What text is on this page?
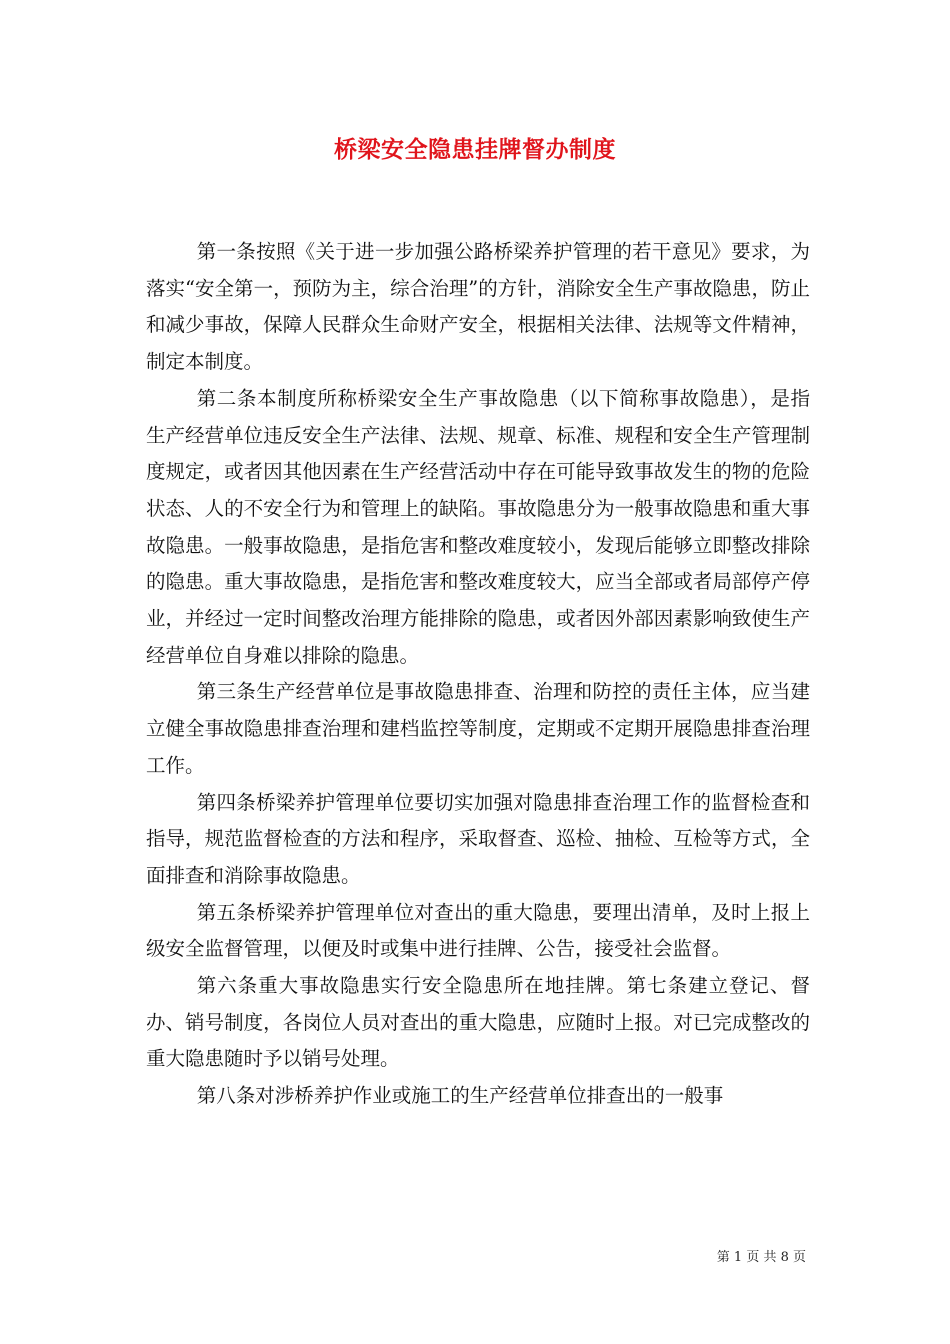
桥梁安全隐患挂牌督办制度

第一条按照《关于进一步加强公路桥梁养护管理的若干意见》要求，为落实“安全第一，预防为主，综合治理”的方针，消除安全生产事故隐患，防止和减少事故，保障人民群众生命财产安全，根据相关法律、法规等文件精神，制定本制度。

第二条本制度所称桥梁安全生产事故隐患（以下简称事故隐患），是指生产经营单位违反安全生产法律、法规、规章、标准、规程和安全生产管理制度规定，或者因其他因素在生产经营活动中存在可能导致事故发生的物的危险状态、人的不安全行为和管理上的缺陷。事故隐患分为一般事故隐患和重大事故隐患。一般事故隐患，是指危害和整改难度较小，发现后能够立即整改排除的隐患。重大事故隐患，是指危害和整改难度较大，应当全部或者局部停产停业，并经过一定时间整改治理方能排除的隐患，或者因外部因素影响致使生产经营单位自身难以排除的隐患。

第三条生产经营单位是事故隐患排查、治理和防控的责任主体，应当建立健全事故隐患排查治理和建档监控等制度，定期或不定期开展隐患排查治理工作。

第四条桥梁养护管理单位要切实加强对隐患排查治理工作的监督检查和指导，规范监督检查的方法和程序，采取督查、巡检、抽检、互检等方式，全面排查和消除事故隐患。

第五条桥梁养护管理单位对查出的重大隐患，要理出清单，及时上报上级安全监督管理，以便及时或集中进行挂牌、公告，接受社会监督。

第六条重大事故隐患实行安全隐患所在地挂牌。第七条建立登记、督办、销号制度，各岗位人员对查出的重大隐患，应随时上报。对已完成整改的重大隐患随时予以销号处理。

第八条对涉桥养护作业或施工的生产经营单位排查出的一般事

第 1 页 共 8 页
